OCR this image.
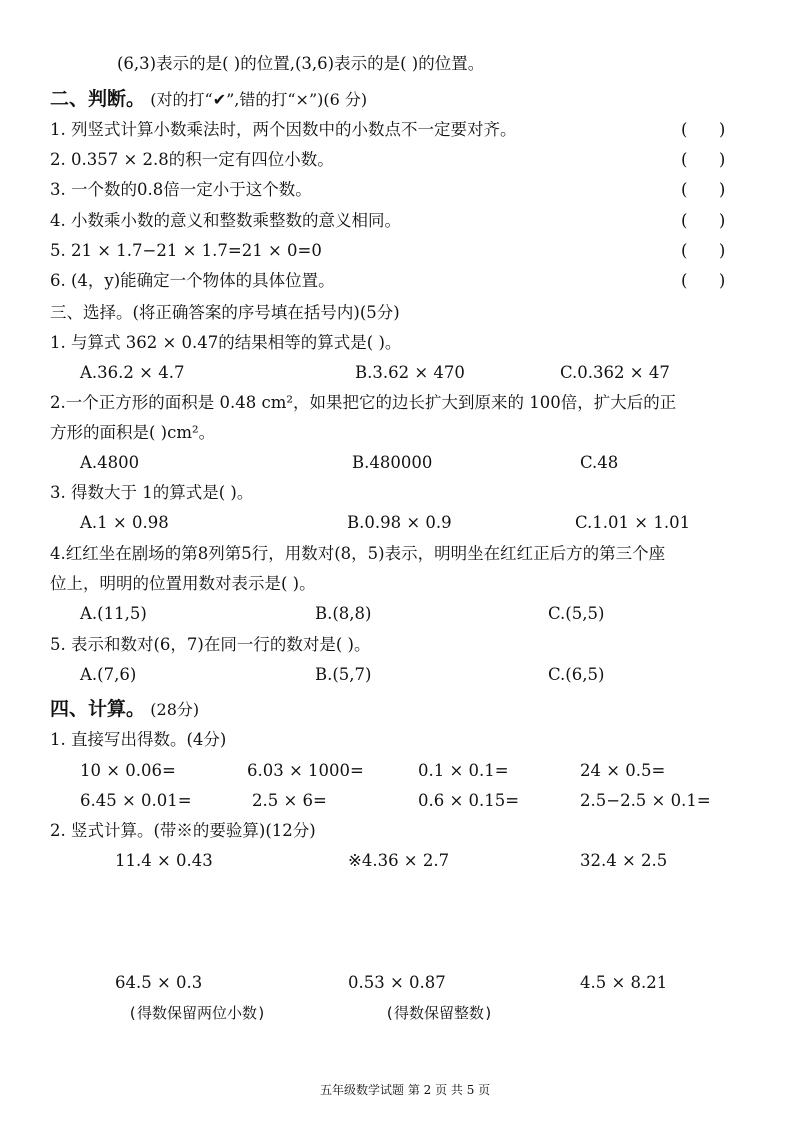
(6,3)表示的是( )的位置,(3,6)表示的是( )的位置。
二、判断。 (对的打“✔”,错的打“×”)(6 分)
1. 列竖式计算小数乘法时，两个因数中的小数点不一定要对齐。	(      )
2. 0.357 × 2.8的积一定有四位小数。	(      )
3. 一个数的0.8倍一定小于这个数。	(      )
4. 小数乘小数的意义和整数乘整数的意义相同。	(      )
5. 21 × 1.7−21 × 1.7=21 × 0=0	(      )
6. (4，y)能确定一个物体的具体位置。	(      )
三、选择。(将正确答案的序号填在括号内)(5分)
1. 与算式 362 × 0.47的结果相等的算式是( )。
A.36.2 × 4.7	B.3.62 × 470	C.0.362 × 47
2.一个正方形的面积是 0.48 cm²，如果把它的边长扩大到原来的 100倍，扩大后的正
方形的面积是( )cm²。
A.4800	B.480000	C.48
3. 得数大于 1的算式是( )。
A.1 × 0.98	B.0.98 × 0.9	C.1.01 × 1.01
4.红红坐在剧场的第8列第5行，用数对(8，5)表示，明明坐在红红正后方的第三个座
位上，明明的位置用数对表示是( )。
A.(11,5)	B.(8,8)	C.(5,5)
5. 表示和数对(6，7)在同一行的数对是( )。
A.(7,6)	B.(5,7)	C.(6,5)
四、计算。 (28分)
1. 直接写出得数。(4分)
10 × 0.06=	6.03 × 1000=	0.1 × 0.1=	24 × 0.5=
6.45 × 0.01=	2.5 × 6=	0.6 × 0.15=	2.5−2.5 × 0.1=
2. 竖式计算。(带※的要验算)(12分)
11.4 × 0.43	※4.36 × 2.7	32.4 × 2.5
64.5 × 0.3	0.53 × 0.87	4.5 × 8.21
(得数保留两位小数)	(得数保留整数)
五年级数学试题 第 2 页 共 5 页
